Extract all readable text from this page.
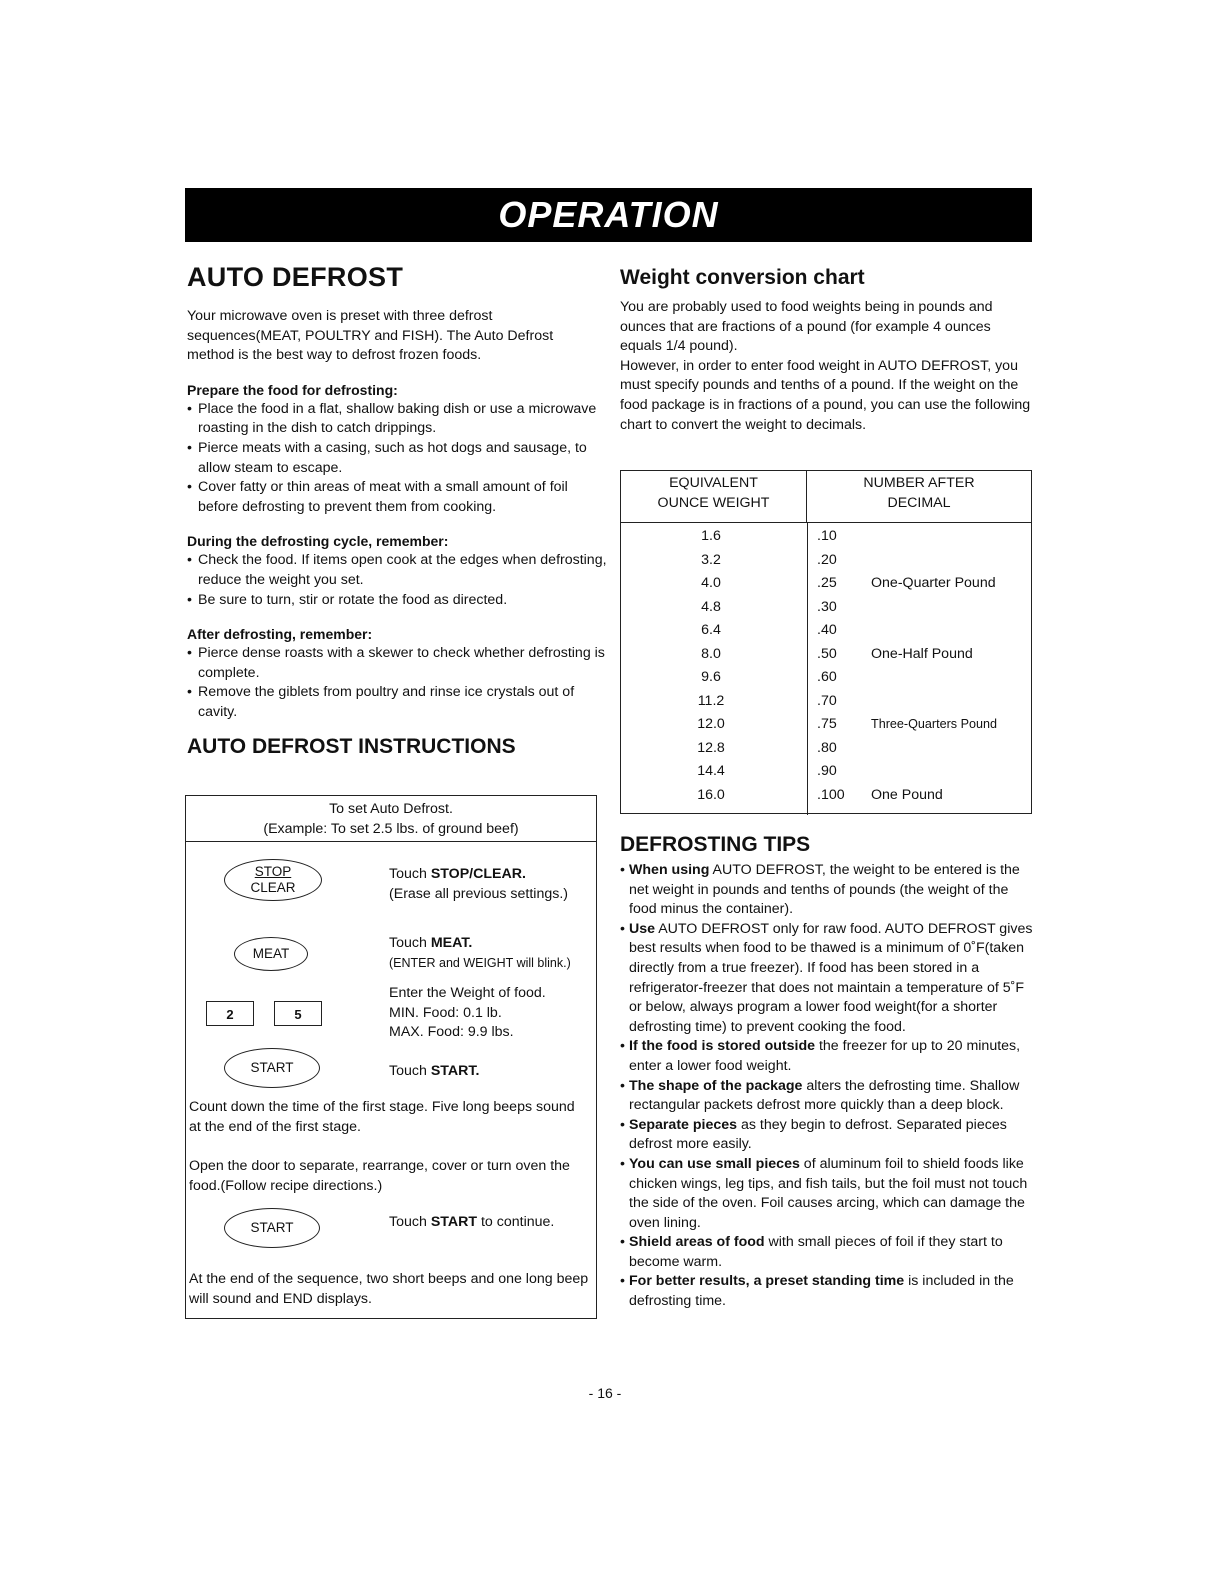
OPERATION
AUTO DEFROST

Your microwave oven is preset with three defrost sequences(MEAT, POULTRY and FISH). The Auto Defrost method is the best way to defrost frozen foods.

Prepare the food for defrosting:
• Place the food in a flat, shallow baking dish or use a microwave roasting in the dish to catch drippings.
• Pierce meats with a casing, such as hot dogs and sausage, to allow steam to escape.
• Cover fatty or thin areas of meat with a small amount of foil before defrosting to prevent them from cooking.
During the defrosting cycle, remember:
• Check the food. If items open cook at the edges when defrosting, reduce the weight you set.
• Be sure to turn, stir or rotate the food as directed.
After defrosting, remember:
• Pierce dense roasts with a skewer to check whether defrosting is complete.
• Remove the giblets from poultry and rinse ice crystals out of cavity.
AUTO DEFROST INSTRUCTIONS
To set Auto Defrost.
(Example: To set 2.5 lbs. of ground beef)
STOP
CLEAR
Touch STOP/CLEAR.
(Erase all previous settings.)
MEAT
Touch MEAT.
(ENTER and WEIGHT will blink.)
2	5
Enter the Weight of food.
MIN. Food: 0.1 lb.
MAX. Food: 9.9 lbs.
START	Touch START.
Count down the time of the first stage. Five long beeps sound at the end of the first stage.
Open the door to separate, rearrange, cover or turn oven the food.(Follow recipe directions.)
START	Touch START to continue.
At the end of the sequence, two short beeps and one long beep will sound and END displays.
Weight conversion chart

You are probably used to food weights being in pounds and ounces that are fractions of a pound (for example 4 ounces equals 1/4 pound).

However, in order to enter food weight in AUTO DEFROST, you must specify pounds and tenths of a pound. If the weight on the food package is in fractions of a pound, you can use the following chart to convert the weight to decimals.

EQUIVALENT
OUNCE WEIGHT
NUMBER AFTER
DECIMAL
1.6	.10
3.2	.20
4.0	.25 One-Quarter Pound
4.8	.30
6.4	.40
8.0	.50 One-Half Pound
9.6	.60
11.2	.70
12.0	.75	Three-Quarters Pound
12.8	.80
14.4	.90
16.0	.100 One Pound
DEFROSTING TIPS
• When using AUTO DEFROST, the weight to be entered is the net weight in pounds and tenths of pounds (the weight of the food minus the container).
• Use AUTO DEFROST only for raw food. AUTO DEFROST gives best results when food to be thawed is a minimum of 0˚F(taken directly from a true freezer). If food has been stored in a refrigerator-freezer that does not maintain a temperature of 5˚F or below, always program a lower food weight(for a shorter defrosting time) to prevent cooking the food.
• If the food is stored outside the freezer for up to 20 minutes, enter a lower food weight.
• The shape of the package alters the defrosting time. Shallow rectangular packets defrost more quickly than a deep block.
• Separate pieces as they begin to defrost. Separated pieces defrost more easily.
• You can use small pieces of aluminum foil to shield foods like chicken wings, leg tips, and fish tails, but the foil must not touch the side of the oven. Foil causes arcing, which can damage the oven lining.
• Shield areas of food with small pieces of foil if they start to become warm.
• For better results, a preset standing time is included in the defrosting time.
- 16 -
